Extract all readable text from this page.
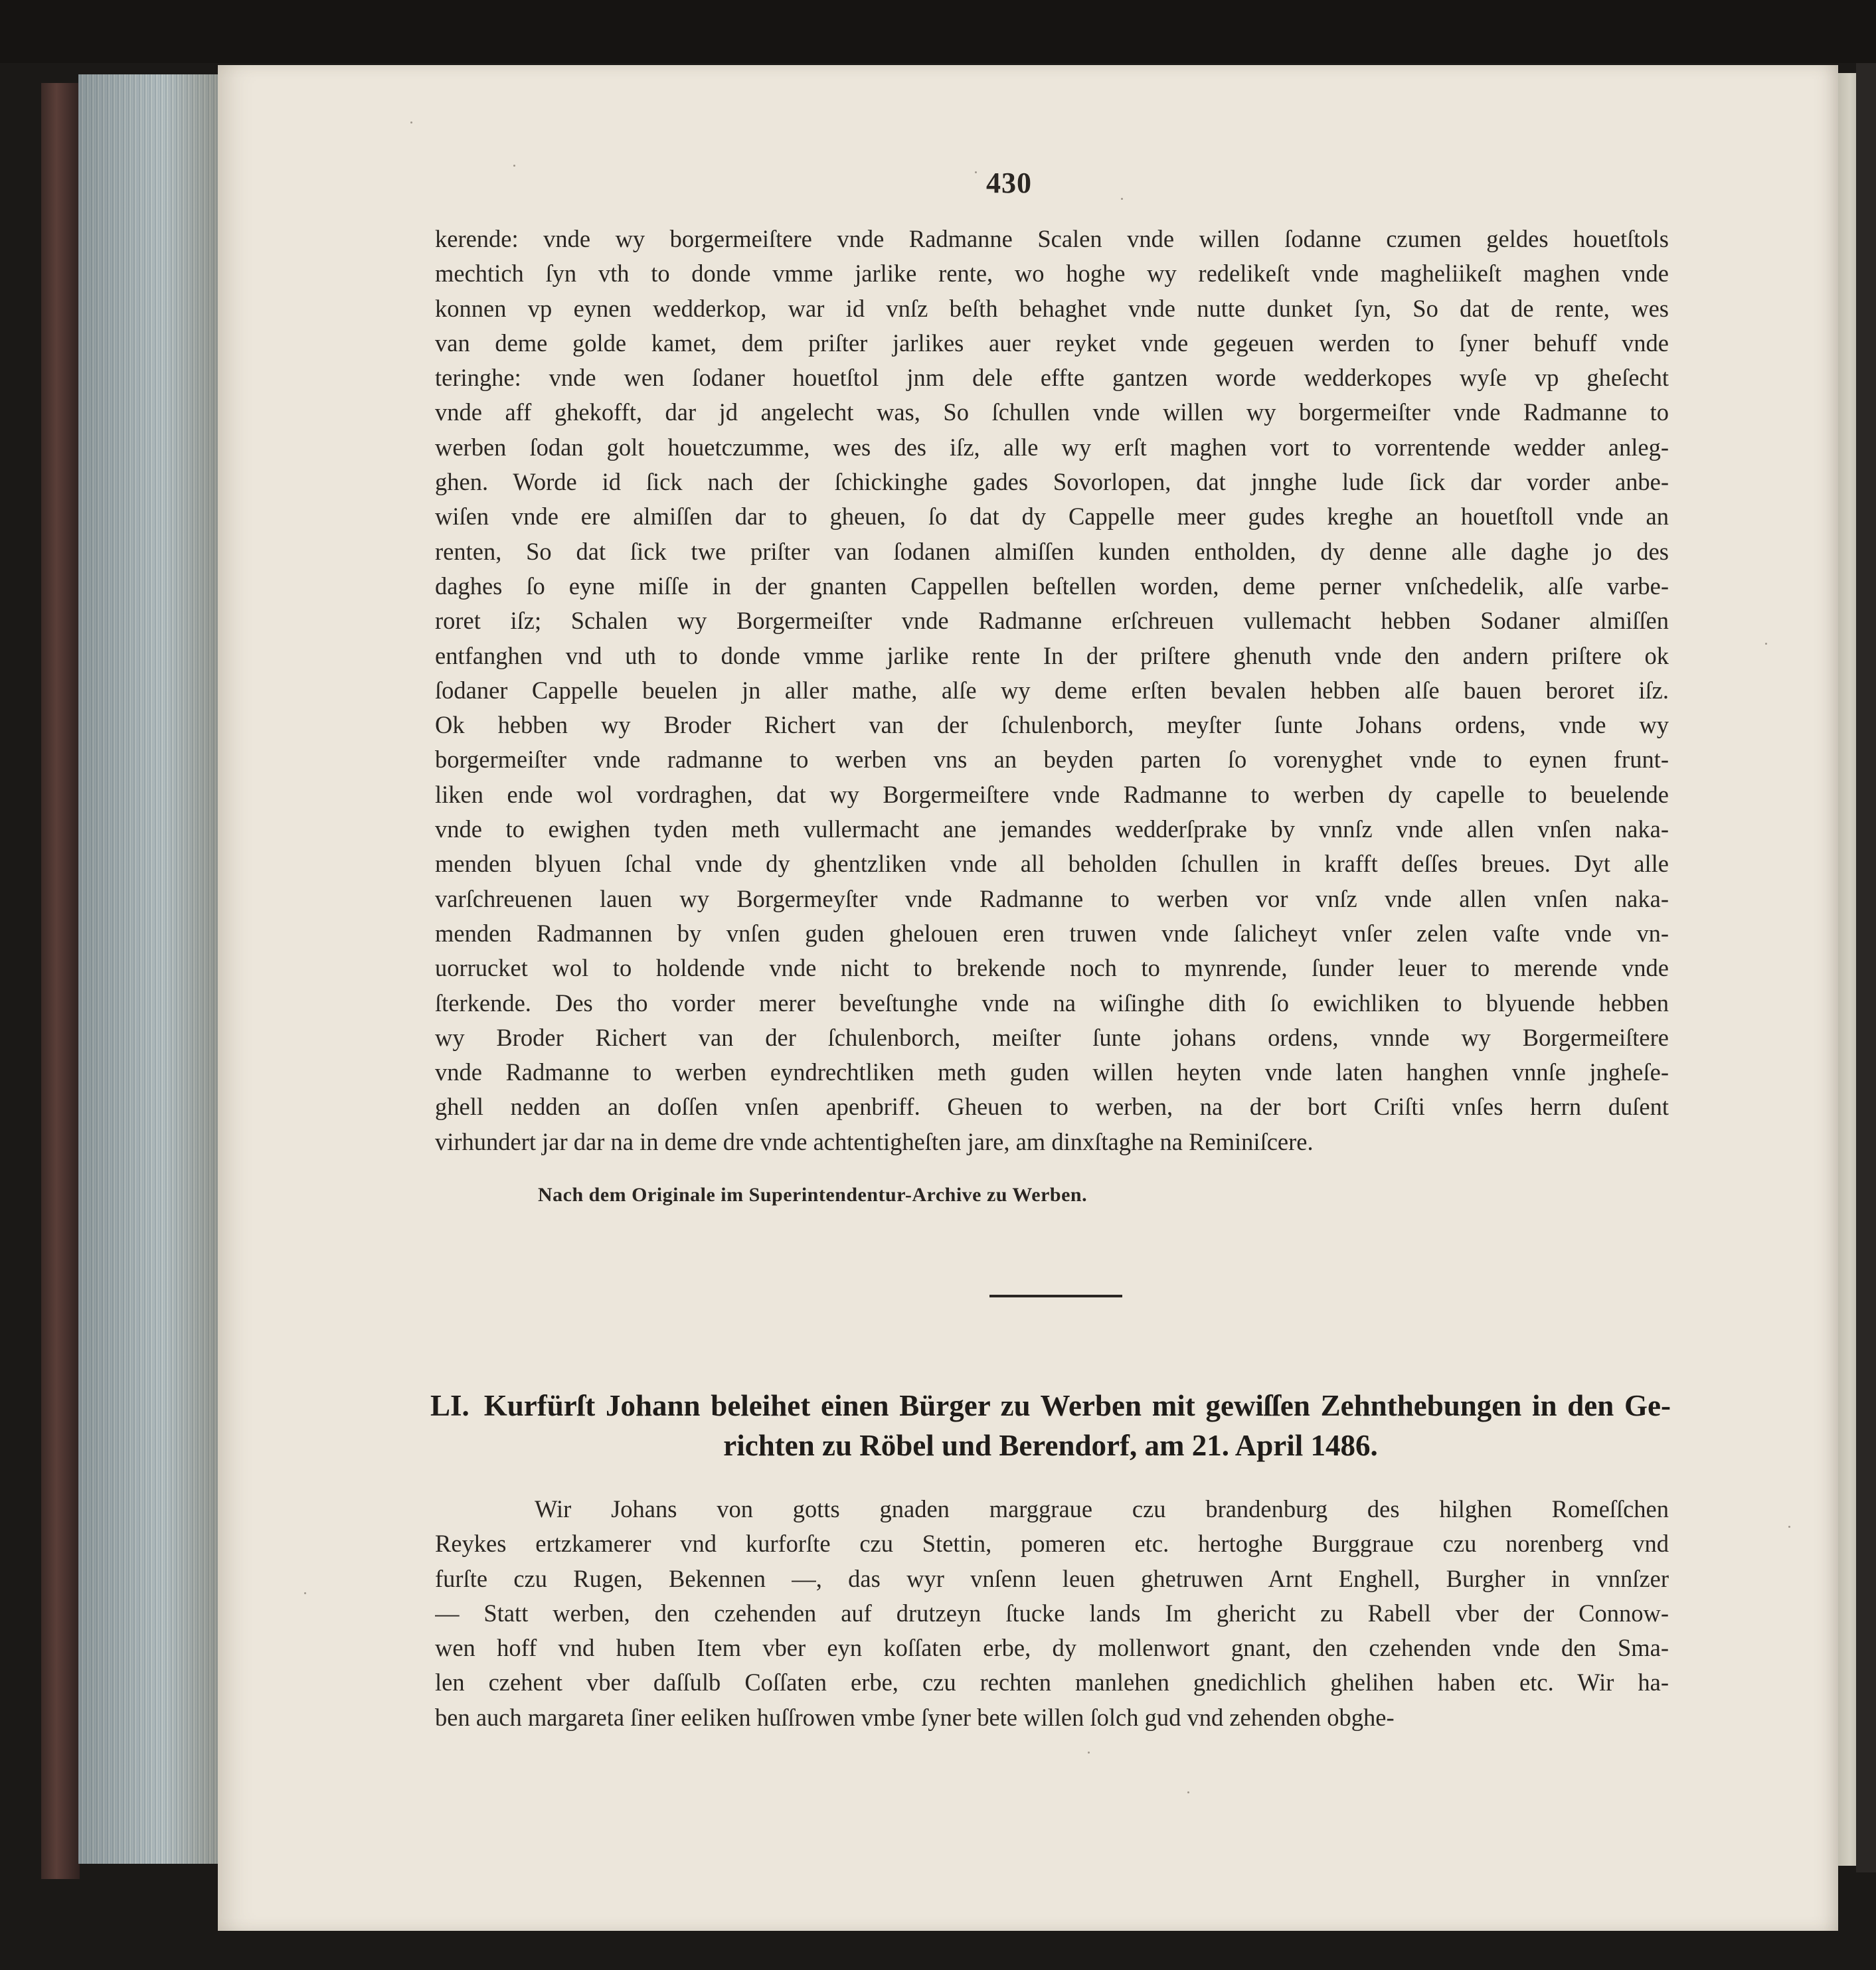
430
kerende: vnde wy borgermeiſtere vnde Radmanne Scalen vnde willen ſodanne czumen geldes houetſtols
mechtich ſyn vth to donde vmme jarlike rente, wo hoghe wy redelikeſt vnde magheliikeſt maghen vnde
konnen vp eynen wedderkop, war id vnſz beſth behaghet vnde nutte dunket ſyn, So dat de rente, wes
van deme golde kamet, dem priſter jarlikes auer reyket vnde gegeuen werden to ſyner behuff vnde
teringhe: vnde wen ſodaner houetſtol jnm dele effte gantzen worde wedderkopes wyſe vp gheſecht
vnde aff ghekofft, dar jd angelecht was, So ſchullen vnde willen wy borgermeiſter vnde Radmanne to
werben ſodan golt houetczumme, wes des iſz, alle wy erſt maghen vort to vorrentende wedder anleg-
ghen. Worde id ſick nach der ſchickinghe gades Sovorlopen, dat jnnghe lude ſick dar vorder anbe-
wiſen vnde ere almiſſen dar to gheuen, ſo dat dy Cappelle meer gudes kreghe an houetſtoll vnde an
renten, So dat ſick twe priſter van ſodanen almiſſen kunden entholden, dy denne alle daghe jo des
daghes ſo eyne miſſe in der gnanten Cappellen beſtellen worden, deme perner vnſchedelik, alſe varbe-
roret iſz; Schalen wy Borgermeiſter vnde Radmanne erſchreuen vullemacht hebben Sodaner almiſſen
entfanghen vnd uth to donde vmme jarlike rente In der priſtere ghenuth vnde den andern priſtere ok
ſodaner Cappelle beuelen jn aller mathe, alſe wy deme erſten bevalen hebben alſe bauen beroret iſz.
Ok hebben wy Broder Richert van der ſchulenborch, meyſter ſunte Johans ordens, vnde wy
borgermeiſter vnde radmanne to werben vns an beyden parten ſo vorenyghet vnde to eynen frunt-
liken ende wol vordraghen, dat wy Borgermeiſtere vnde Radmanne to werben dy capelle to beuelende
vnde to ewighen tyden meth vullermacht ane jemandes wedderſprake by vnnſz vnde allen vnſen naka-
menden blyuen ſchal vnde dy ghentzliken vnde all beholden ſchullen in krafft deſſes breues. Dyt alle
varſchreuenen lauen wy Borgermeyſter vnde Radmanne to werben vor vnſz vnde allen vnſen naka-
menden Radmannen by vnſen guden ghelouen eren truwen vnde ſalicheyt vnſer zelen vaſte vnde vn-
uorrucket wol to holdende vnde nicht to brekende noch to mynrende, ſunder leuer to merende vnde
ſterkende. Des tho vorder merer beveſtunghe vnde na wiſinghe dith ſo ewichliken to blyuende hebben
wy Broder Richert van der ſchulenborch, meiſter ſunte johans ordens, vnnde wy Borgermeiſtere
vnde Radmanne to werben eyndrechtliken meth guden willen heyten vnde laten hanghen vnnſe jngheſe-
ghell nedden an doſſen vnſen apenbriff. Gheuen to werben, na der bort Criſti vnſes herrn duſent
virhundert jar dar na in deme dre vnde achtentigheſten jare, am dinxſtaghe na Reminiſcere.
Nach dem Originale im Superintendentur-Archive zu Werben.
LI. Kurfürſt Johann beleihet einen Bürger zu Werben mit gewiſſen Zehnthebungen in den Ge-
richten zu Röbel und Berendorf, am 21. April 1486.
Wir Johans von gotts gnaden marggraue czu brandenburg des hilghen Romeſſchen
Reykes ertzkamerer vnd kurforſte czu Stettin, pomeren etc. hertoghe Burggraue czu norenberg vnd
furſte czu Rugen, Bekennen —, das wyr vnſenn leuen ghetruwen Arnt Enghell, Burgher in vnnſzer
— Statt werben, den czehenden auf drutzeyn ſtucke lands Im ghericht zu Rabell vber der Connow-
wen hoff vnd huben Item vber eyn koſſaten erbe, dy mollenwort gnant, den czehenden vnde den Sma-
len czehent vber daſſulb Coſſaten erbe, czu rechten manlehen gnedichlich ghelihen haben etc. Wir ha-
ben auch margareta ſiner eeliken huſſrowen vmbe ſyner bete willen ſolch gud vnd zehenden obghe-
